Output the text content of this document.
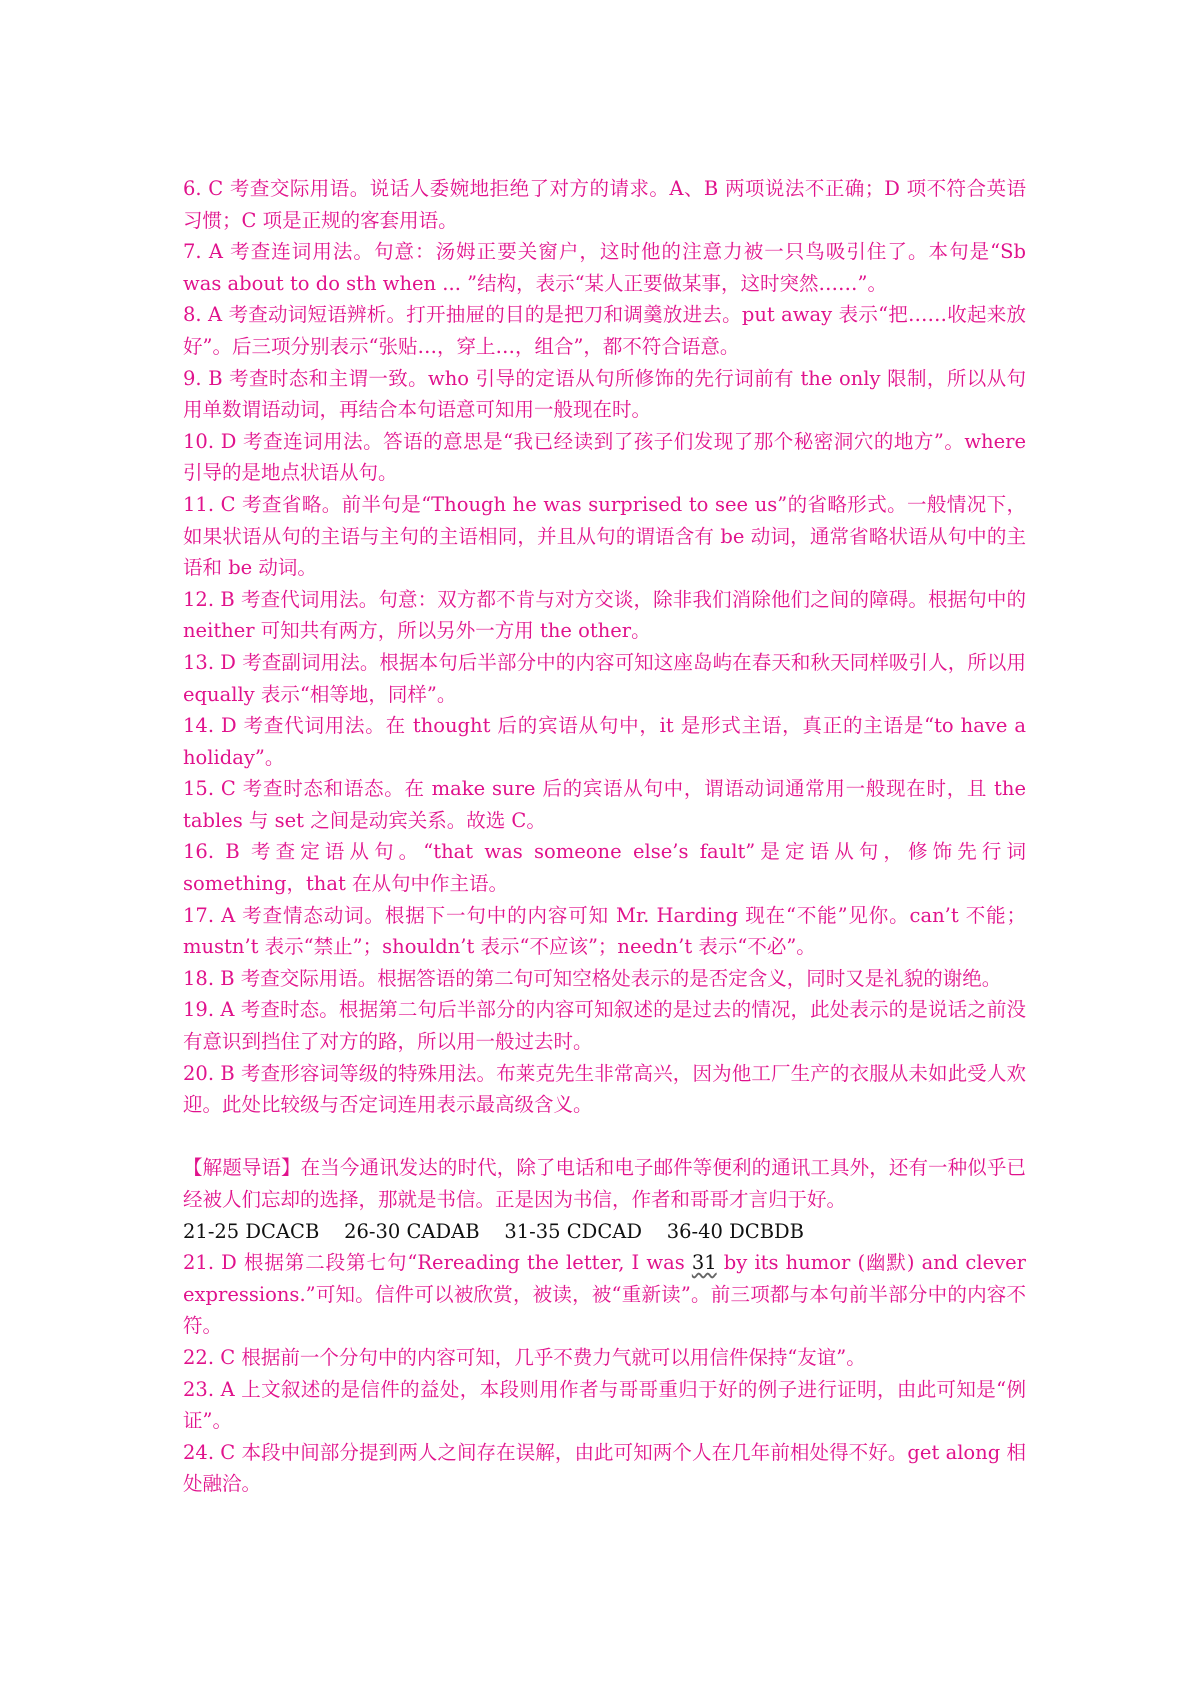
6. C 考查交际用语。说话人委婉地拒绝了对方的请求。A、B 两项说法不正确；D 项不符合英语习惯；C 项是正规的客套用语。

7. A 考查连词用法。句意：汤姆正要关窗户，这时他的注意力被一只鸟吸引住了。本句是“Sb was about to do sth when ... ”结构，表示“某人正要做某事，这时突然……”。

8. A 考查动词短语辨析。打开抽屉的目的是把刀和调羹放进去。put away 表示“把……收起来放好”。后三项分别表示“张贴…，穿上…，组合”，都不符合语意。

9. B 考查时态和主谓一致。who 引导的定语从句所修饰的先行词前有 the only 限制，所以从句用单数谓语动词，再结合本句语意可知用一般现在时。

10. D 考查连词用法。答语的意思是“我已经读到了孩子们发现了那个秘密洞穴的地方”。where 引导的是地点状语从句。

11. C 考查省略。前半句是“Though he was surprised to see us”的省略形式。一般情况下，如果状语从句的主语与主句的主语相同，并且从句的谓语含有 be 动词，通常省略状语从句中的主语和 be 动词。

12. B 考查代词用法。句意：双方都不肯与对方交谈，除非我们消除他们之间的障碍。根据句中的 neither 可知共有两方，所以另外一方用 the other。

13. D 考查副词用法。根据本句后半部分中的内容可知这座岛屿在春天和秋天同样吸引人，所以用 equally 表示“相等地，同样”。

14. D 考查代词用法。在 thought 后的宾语从句中，it 是形式主语，真正的主语是“to have a holiday”。

15. C 考查时态和语态。在 make sure 后的宾语从句中，谓语动词通常用一般现在时，且 the tables 与 set 之间是动宾关系。故选 C。

16. B 考查定语从句。“that was someone else’s fault”是定语从句，修饰先行词 something，that 在从句中作主语。

17. A 考查情态动词。根据下一句中的内容可知 Mr. Harding 现在“不能”见你。can’t 不能；mustn’t 表示“禁止”；shouldn’t 表示“不应该”；needn’t 表示“不必”。

18. B 考查交际用语。根据答语的第二句可知空格处表示的是否定含义，同时又是礼貌的谢绝。

19. A 考查时态。根据第二句后半部分的内容可知叙述的是过去的情况，此处表示的是说话之前没有意识到挡住了对方的路，所以用一般过去时。

20. B 考查形容词等级的特殊用法。布莱克先生非常高兴，因为他工厂生产的衣服从未如此受人欢迎。此处比较级与否定词连用表示最高级含义。

【解题导语】在当今通讯发达的时代，除了电话和电子邮件等便利的通讯工具外，还有一种似乎已经被人们忘却的选择，那就是书信。正是因为书信，作者和哥哥才言归于好。

21-25 DCACB    26-30 CADAB    31-35 CDCAD    36-40 DCBDB

21. D 根据第二段第七句“Rereading the letter, I was 31 by its humor (幽默) and clever expressions.”可知。信件可以被欣赏，被读，被“重新读”。前三项都与本句前半部分中的内容不符。

22. C 根据前一个分句中的内容可知，几乎不费力气就可以用信件保持“友谊”。

23. A 上文叙述的是信件的益处，本段则用作者与哥哥重归于好的例子进行证明，由此可知是“例证”。

24. C 本段中间部分提到两人之间存在误解，由此可知两个人在几年前相处得不好。get along 相处融洽。
